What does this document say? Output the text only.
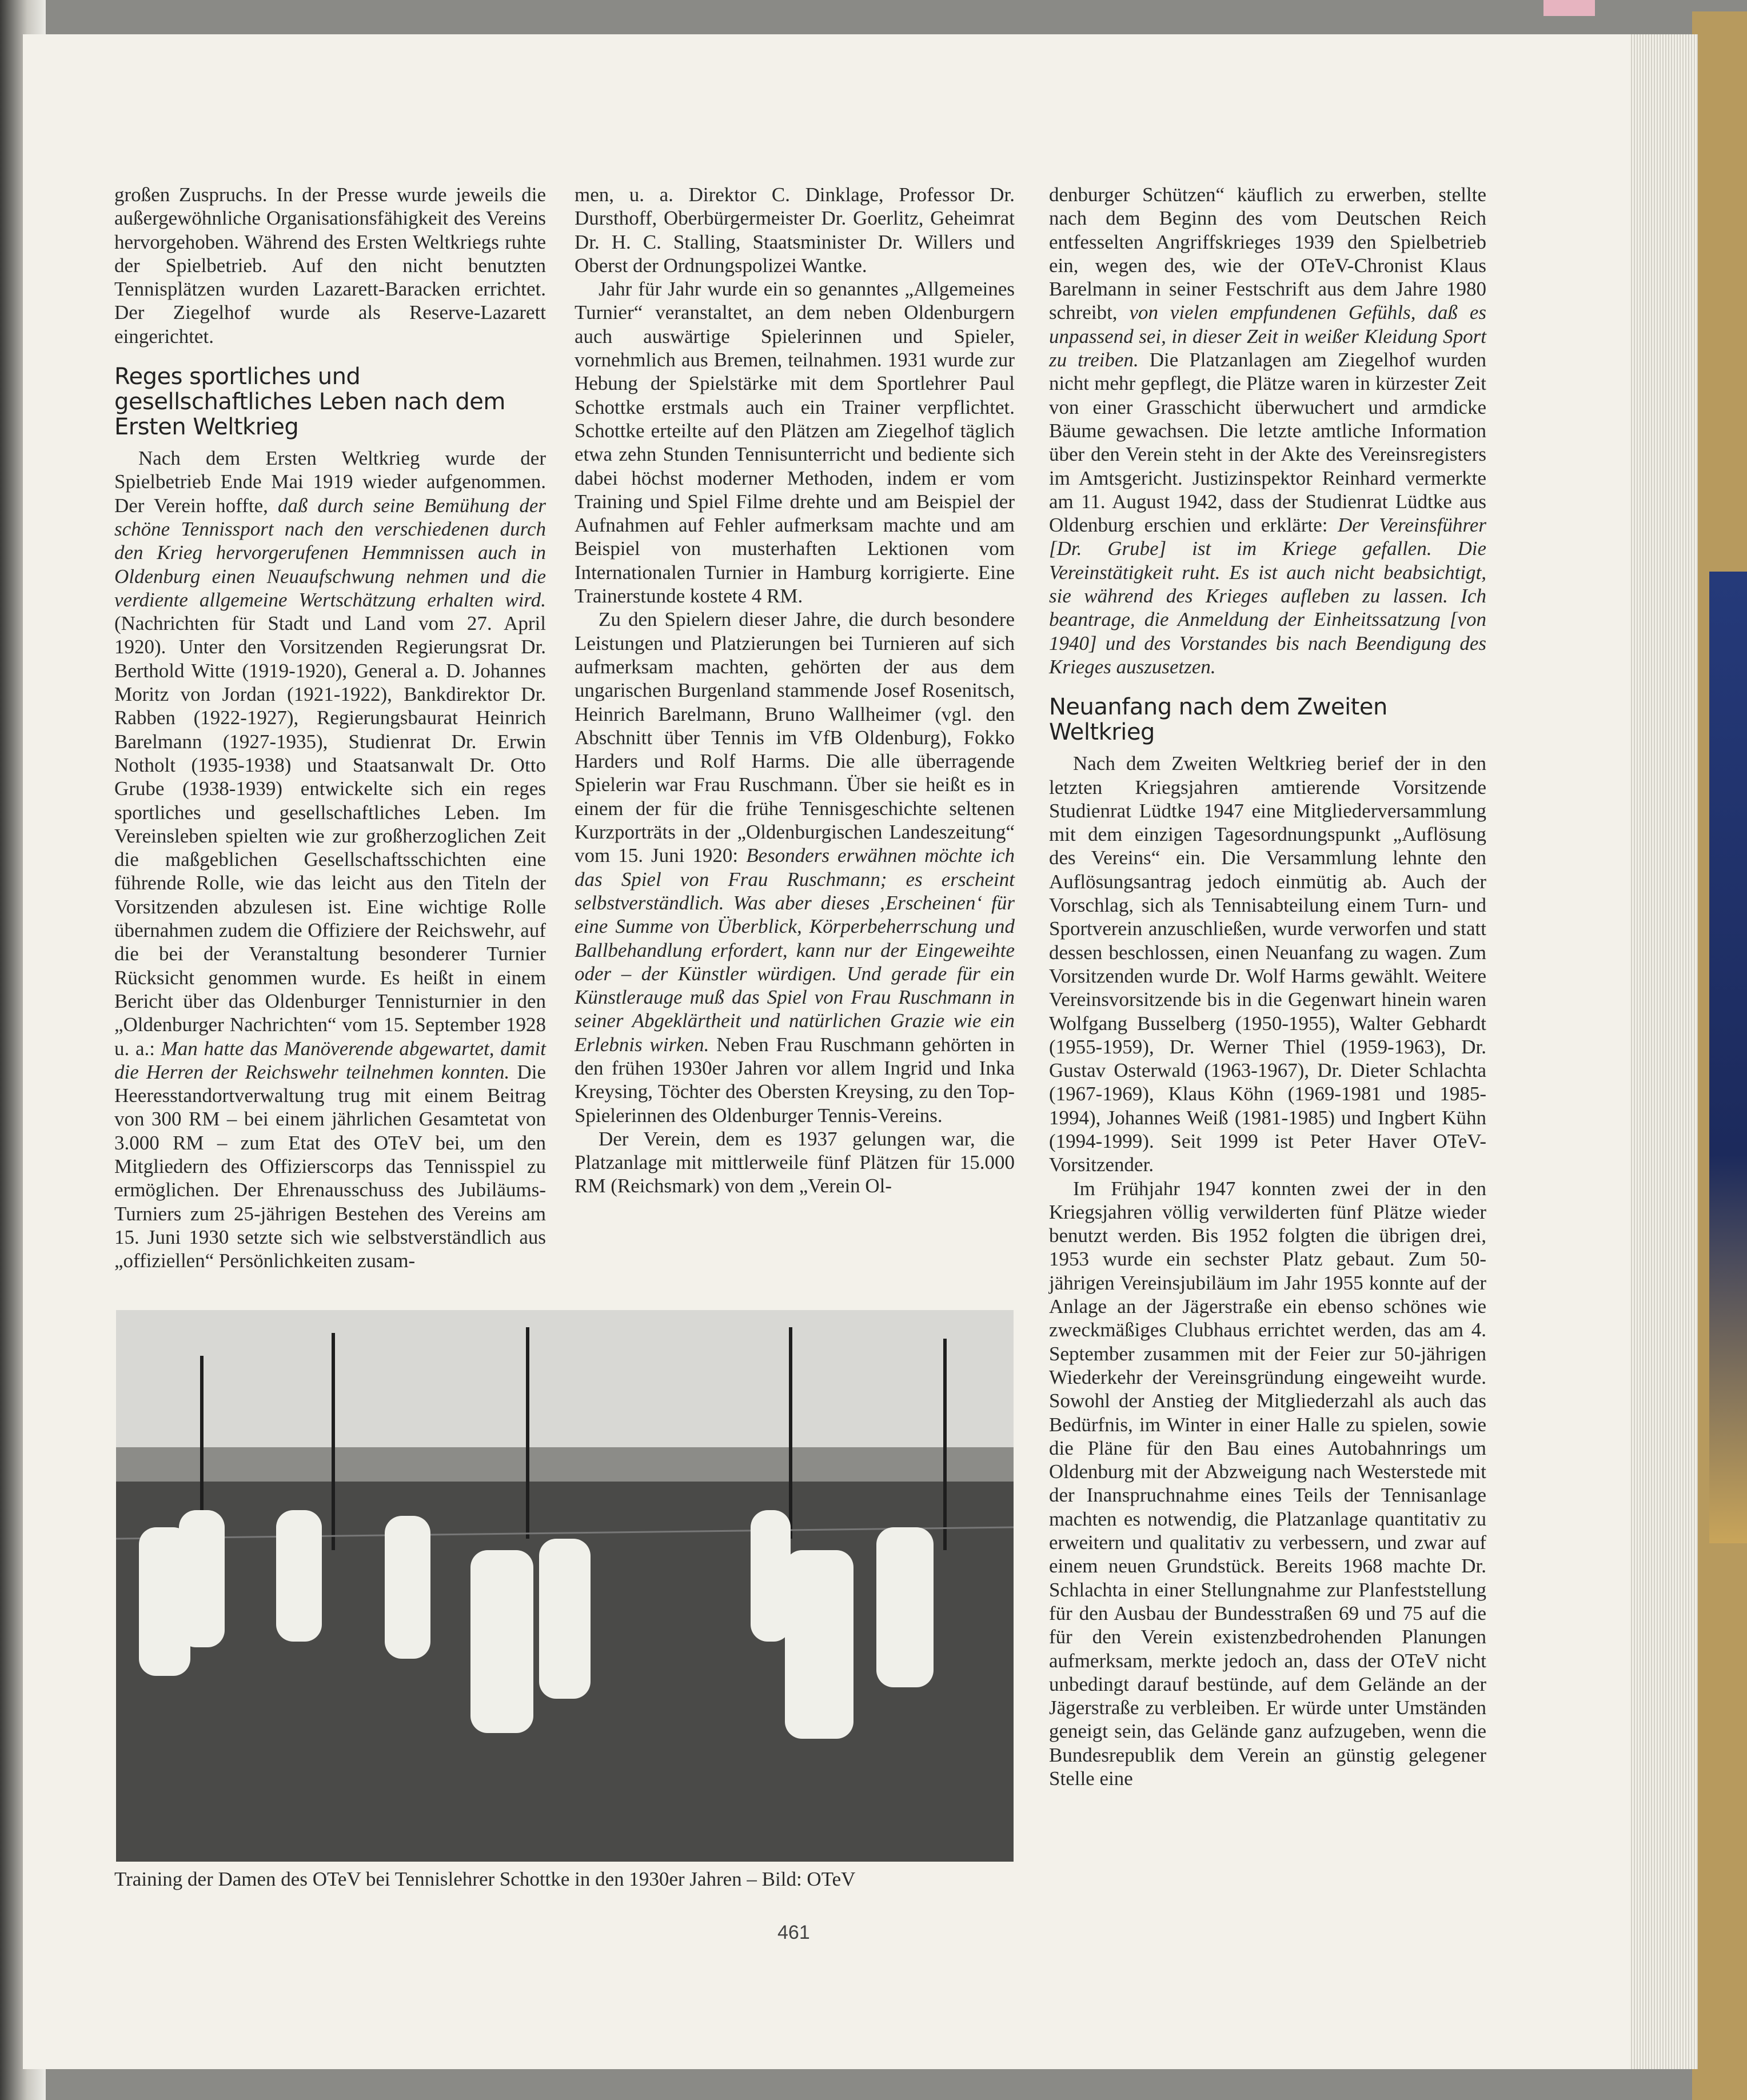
großen Zuspruchs. In der Presse wurde jeweils die außergewöhnliche Organisationsfähigkeit des Vereins hervorgehoben. Während des Ersten Weltkriegs ruhte der Spielbetrieb. Auf den nicht benutzten Tennisplätzen wurden Lazarett-Baracken errichtet. Der Ziegelhof wurde als Reserve-Lazarett eingerichtet.

Reges sportliches und gesellschaftliches Leben nach dem Ersten Weltkrieg

Nach dem Ersten Weltkrieg wurde der Spielbetrieb Ende Mai 1919 wieder aufgenommen. Der Verein hoffte, daß durch seine Bemühung der schöne Tennissport nach den verschiedenen durch den Krieg hervorgerufenen Hemmnissen auch in Oldenburg einen Neuaufschwung nehmen und die verdiente allgemeine Wertschätzung erhalten wird. (Nachrichten für Stadt und Land vom 27. April 1920). Unter den Vorsitzenden Regierungsrat Dr. Berthold Witte (1919-1920), General a. D. Johannes Moritz von Jordan (1921-1922), Bankdirektor Dr. Rabben (1922-1927), Regierungsbaurat Heinrich Barelmann (1927-1935), Studienrat Dr. Erwin Notholt (1935-1938) und Staatsanwalt Dr. Otto Grube (1938-1939) entwickelte sich ein reges sportliches und gesellschaftliches Leben. Im Vereinsleben spielten wie zur großherzoglichen Zeit die maßgeblichen Gesellschaftsschichten eine führende Rolle, wie das leicht aus den Titeln der Vorsitzenden abzulesen ist. Eine wichtige Rolle übernahmen zudem die Offiziere der Reichswehr, auf die bei der Veranstaltung besonderer Turnier Rücksicht genommen wurde. Es heißt in einem Bericht über das Oldenburger Tennisturnier in den „Oldenburger Nachrichten“ vom 15. September 1928 u. a.: Man hatte das Manöverende abgewartet, damit die Herren der Reichswehr teilnehmen konnten. Die Heeresstandortverwaltung trug mit einem Beitrag von 300 RM – bei einem jährlichen Gesamtetat von 3.000 RM – zum Etat des OTeV bei, um den Mitgliedern des Offizierscorps das Tennisspiel zu ermöglichen. Der Ehrenausschuss des Jubiläums-Turniers zum 25-jährigen Bestehen des Vereins am 15. Juni 1930 setzte sich wie selbstverständlich aus „offiziellen“ Persönlichkeiten zusam-

men, u. a. Direktor C. Dinklage, Professor Dr. Dursthoff, Oberbürgermeister Dr. Goerlitz, Geheimrat Dr. H. C. Stalling, Staatsminister Dr. Willers und Oberst der Ordnungspolizei Wantke.

Jahr für Jahr wurde ein so genanntes „Allgemeines Turnier“ veranstaltet, an dem neben Oldenburgern auch auswärtige Spielerinnen und Spieler, vornehmlich aus Bremen, teilnahmen. 1931 wurde zur Hebung der Spielstärke mit dem Sportlehrer Paul Schottke erstmals auch ein Trainer verpflichtet. Schottke erteilte auf den Plätzen am Ziegelhof täglich etwa zehn Stunden Tennisunterricht und bediente sich dabei höchst moderner Methoden, indem er vom Training und Spiel Filme drehte und am Beispiel der Aufnahmen auf Fehler aufmerksam machte und am Beispiel von musterhaften Lektionen vom Internationalen Turnier in Hamburg korrigierte. Eine Trainerstunde kostete 4 RM.

Zu den Spielern dieser Jahre, die durch besondere Leistungen und Platzierungen bei Turnieren auf sich aufmerksam machten, gehörten der aus dem ungarischen Burgenland stammende Josef Rosenitsch, Heinrich Barelmann, Bruno Wallheimer (vgl. den Abschnitt über Tennis im VfB Oldenburg), Fokko Harders und Rolf Harms. Die alle überragende Spielerin war Frau Ruschmann. Über sie heißt es in einem der für die frühe Tennisgeschichte seltenen Kurzporträts in der „Oldenburgischen Landeszeitung“ vom 15. Juni 1920: Besonders erwähnen möchte ich das Spiel von Frau Ruschmann; es erscheint selbstverständlich. Was aber dieses ‚Erscheinen‘ für eine Summe von Überblick, Körperbeherrschung und Ballbehandlung erfordert, kann nur der Eingeweihte oder – der Künstler würdigen. Und gerade für ein Künstlerauge muß das Spiel von Frau Ruschmann in seiner Abgeklärtheit und natürlichen Grazie wie ein Erlebnis wirken. Neben Frau Ruschmann gehörten in den frühen 1930er Jahren vor allem Ingrid und Inka Kreysing, Töchter des Obersten Kreysing, zu den Top-Spielerinnen des Oldenburger Tennis-Vereins.

Der Verein, dem es 1937 gelungen war, die Platzanlage mit mittlerweile fünf Plätzen für 15.000 RM (Reichsmark) von dem „Verein Ol-

denburger Schützen“ käuflich zu erwerben, stellte nach dem Beginn des vom Deutschen Reich entfesselten Angriffskrieges 1939 den Spielbetrieb ein, wegen des, wie der OTeV-Chronist Klaus Barelmann in seiner Festschrift aus dem Jahre 1980 schreibt, von vielen empfundenen Gefühls, daß es unpassend sei, in dieser Zeit in weißer Kleidung Sport zu treiben. Die Platzanlagen am Ziegelhof wurden nicht mehr gepflegt, die Plätze waren in kürzester Zeit von einer Grasschicht überwuchert und armdicke Bäume gewachsen. Die letzte amtliche Information über den Verein steht in der Akte des Vereinsregisters im Amtsgericht. Justizinspektor Reinhard vermerkte am 11. August 1942, dass der Studienrat Lüdtke aus Oldenburg erschien und erklärte: Der Vereinsführer [Dr. Grube] ist im Kriege gefallen. Die Vereinstätigkeit ruht. Es ist auch nicht beabsichtigt, sie während des Krieges aufleben zu lassen. Ich beantrage, die Anmeldung der Einheitssatzung [von 1940] und des Vorstandes bis nach Beendigung des Krieges auszusetzen.

Neuanfang nach dem Zweiten Weltkrieg

Nach dem Zweiten Weltkrieg berief der in den letzten Kriegsjahren amtierende Vorsitzende Studienrat Lüdtke 1947 eine Mitgliederversammlung mit dem einzigen Tagesordnungspunkt „Auflösung des Vereins“ ein. Die Versammlung lehnte den Auflösungsantrag jedoch einmütig ab. Auch der Vorschlag, sich als Tennisabteilung einem Turn- und Sportverein anzuschließen, wurde verworfen und statt dessen beschlossen, einen Neuanfang zu wagen. Zum Vorsitzenden wurde Dr. Wolf Harms gewählt. Weitere Vereinsvorsitzende bis in die Gegenwart hinein waren Wolfgang Busselberg (1950-1955), Walter Gebhardt (1955-1959), Dr. Werner Thiel (1959-1963), Dr. Gustav Osterwald (1963-1967), Dr. Dieter Schlachta (1967-1969), Klaus Köhn (1969-1981 und 1985-1994), Johannes Weiß (1981-1985) und Ingbert Kühn (1994-1999). Seit 1999 ist Peter Haver OTeV-Vorsitzender.

Im Frühjahr 1947 konnten zwei der in den Kriegsjahren völlig verwilderten fünf Plätze wieder benutzt werden. Bis 1952 folgten die übrigen drei, 1953 wurde ein sechster Platz gebaut. Zum 50-jährigen Vereinsjubiläum im Jahr 1955 konnte auf der Anlage an der Jägerstraße ein ebenso schönes wie zweckmäßiges Clubhaus errichtet werden, das am 4. September zusammen mit der Feier zur 50-jährigen Wiederkehr der Vereinsgründung eingeweiht wurde. Sowohl der Anstieg der Mitgliederzahl als auch das Bedürfnis, im Winter in einer Halle zu spielen, sowie die Pläne für den Bau eines Autobahnrings um Oldenburg mit der Abzweigung nach Westerstede mit der Inanspruchnahme eines Teils der Tennisanlage machten es notwendig, die Platzanlage quantitativ zu erweitern und qualitativ zu verbessern, und zwar auf einem neuen Grundstück. Bereits 1968 machte Dr. Schlachta in einer Stellungnahme zur Planfeststellung für den Ausbau der Bundesstraßen 69 und 75 auf die für den Verein existenzbedrohenden Planungen aufmerksam, merkte jedoch an, dass der OTeV nicht unbedingt darauf bestünde, auf dem Gelände an der Jägerstraße zu verbleiben. Er würde unter Umständen geneigt sein, das Gelände ganz aufzugeben, wenn die Bundesrepublik dem Verein an günstig gelegener Stelle eine

Training der Damen des OTeV bei Tennislehrer Schottke in den 1930er Jahren – Bild: OTeV
461
